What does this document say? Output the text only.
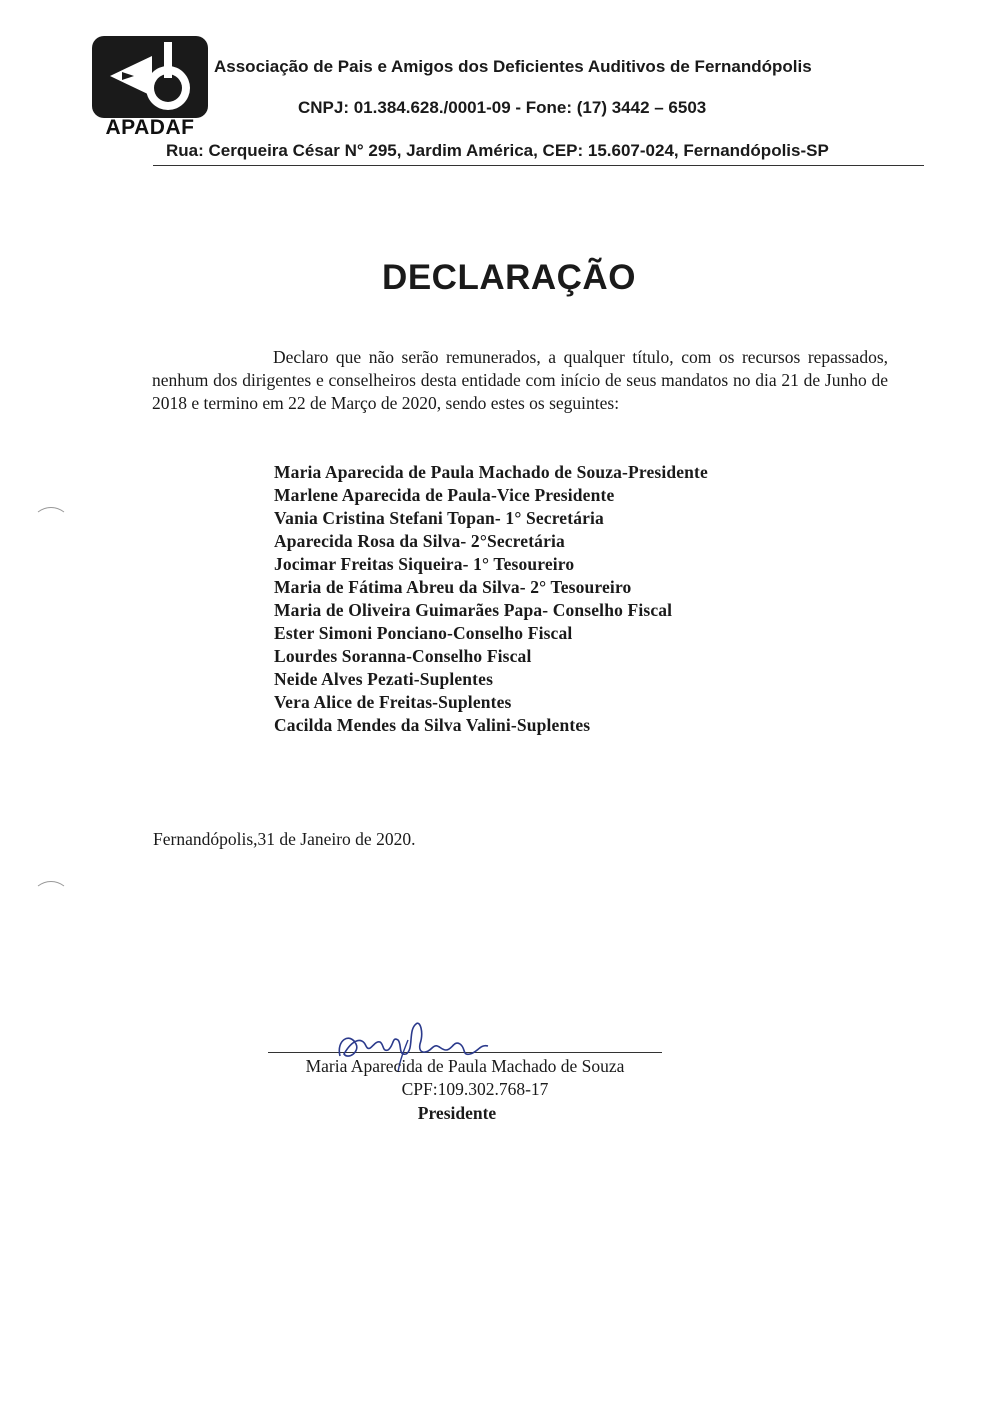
APADAF
Associação de Pais e Amigos dos Deficientes Auditivos de Fernandópolis
CNPJ: 01.384.628./0001-09 - Fone: (17) 3442 – 6503
Rua: Cerqueira César N° 295, Jardim América, CEP: 15.607-024, Fernandópolis-SP
DECLARAÇÃO
Declaro que não serão remunerados, a qualquer título, com os recursos repassados, nenhum dos dirigentes e conselheiros desta entidade com início de seus mandatos no dia 21 de Junho de 2018 e termino em 22 de Março de 2020, sendo estes os seguintes:
Maria Aparecida de Paula Machado de Souza-Presidente
Marlene Aparecida de Paula-Vice Presidente
Vania Cristina Stefani Topan- 1° Secretária
Aparecida Rosa da Silva- 2°Secretária
Jocimar Freitas Siqueira- 1° Tesoureiro
Maria de Fátima Abreu da Silva- 2° Tesoureiro
Maria de Oliveira Guimarães Papa- Conselho Fiscal
Ester Simoni Ponciano-Conselho Fiscal
Lourdes Soranna-Conselho Fiscal
Neide Alves Pezati-Suplentes
Vera Alice de Freitas-Suplentes
Cacilda Mendes da Silva Valini-Suplentes
Fernandópolis,31 de Janeiro de 2020.
Maria Aparecida de Paula Machado de Souza
CPF:109.302.768-17
Presidente
